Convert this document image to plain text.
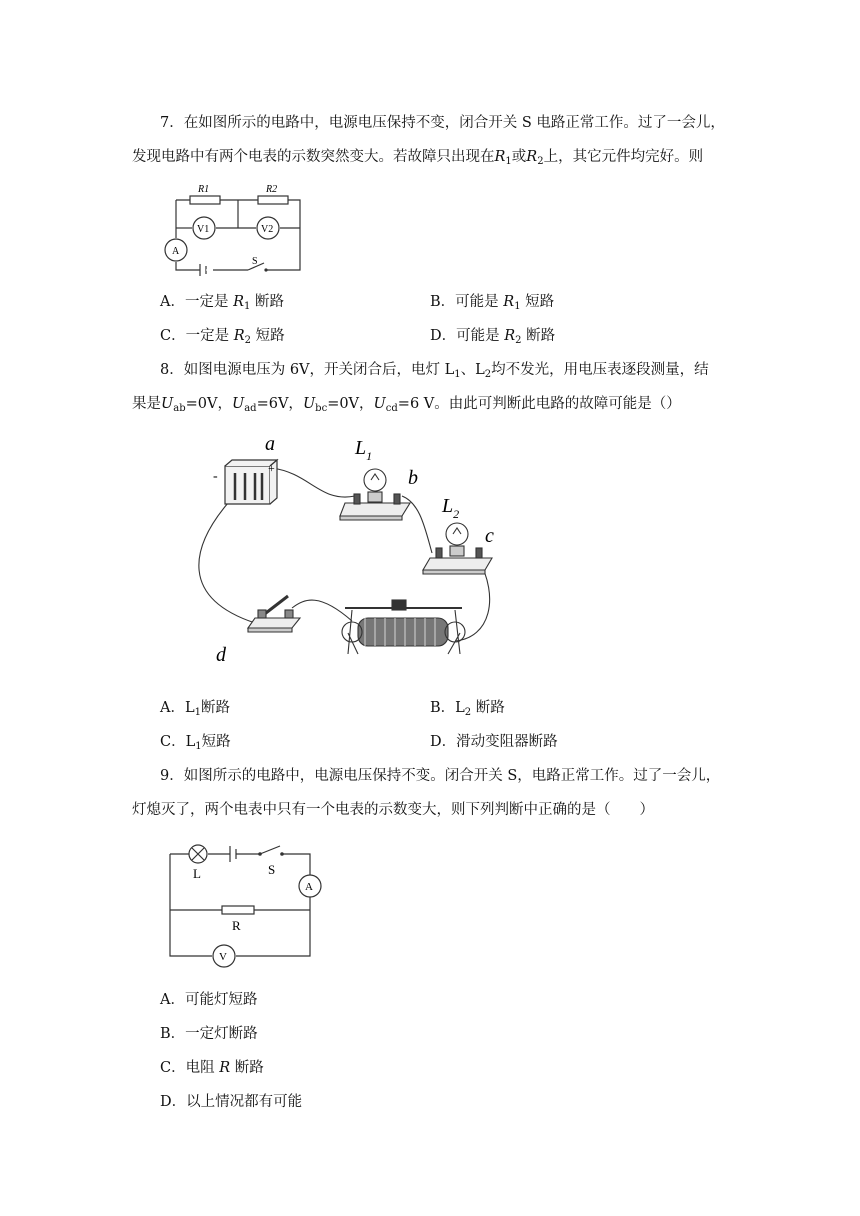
7．在如图所示的电路中，电源电压保持不变，闭合开关 S 电路正常工作。过了一会儿，
发现电路中有两个电表的示数突然变大。若故障只出现在$R_1$或$R_2$上，其它元件均完好。则
R1	R2
V1	V2
A
S
A．一定是 $R_1$ 断路	B．可能是 $R_1$ 短路
C．一定是 $R_2$ 短路	D．可能是 $R_2$ 断路
8．如图电源电压为 6V，开关闭合后，电灯 $L_1$、$L_2$均不发光，用电压表逐段测量，结
果是$U_{ab}=0V$，$U_{ad}=6V$，$U_{bc}=0V$，$U_{cd}=6$ V。由此可判断此电路的故障可能是（）
-
+
a	$L_1$
b
$L_2$
c
d
A．$L_1$断路	B．$L_2$ 断路
C．$L_1$短路	D．滑动变阻器断路
9．如图所示的电路中，电源电压保持不变。闭合开关 S，电路正常工作。过了一会儿，
灯熄灭了，两个电表中只有一个电表的示数变大，则下列判断中正确的是（　　）
L	S
A
R
V
A．可能灯短路
B．一定灯断路
C．电阻 R 断路
D．以上情况都有可能
